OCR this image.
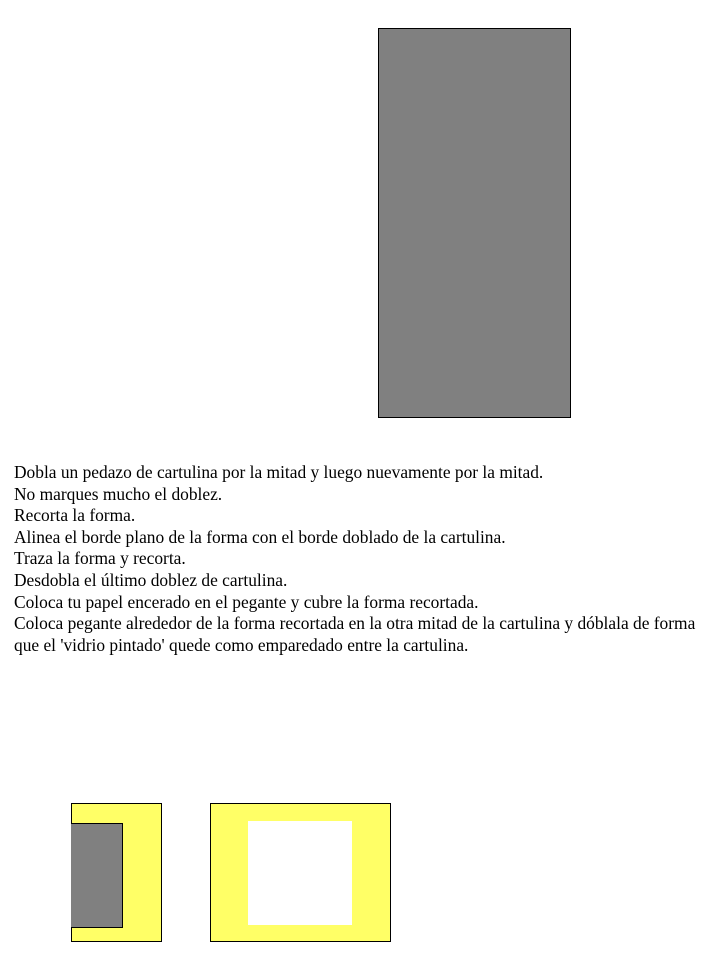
Dobla un pedazo de cartulina por la mitad y luego nuevamente por la mitad.
No marques mucho el doblez.
Recorta la forma.
Alinea el borde plano de la forma con el borde doblado de la cartulina.
Traza la forma y recorta.
Desdobla el último doblez de cartulina.
Coloca tu papel encerado en el pegante y cubre la forma recortada.
Coloca pegante alrededor de la forma recortada en la otra mitad de la cartulina y dóblala de forma que el 'vidrio pintado' quede como emparedado entre la cartulina.
